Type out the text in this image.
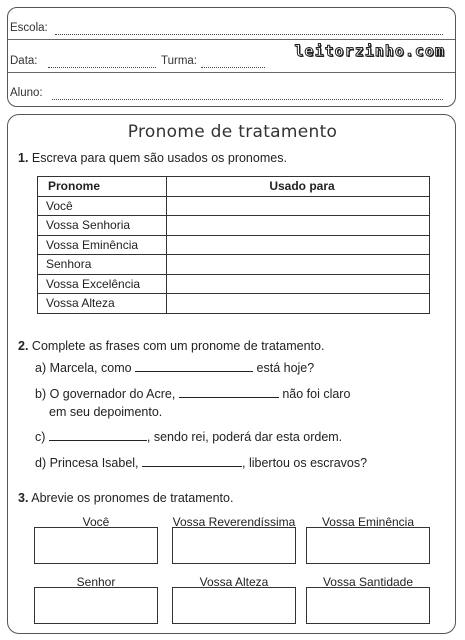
Escola:
Data:	Turma:
leitorzinho.com
Aluno:
Pronome de tratamento
1. Escreva para quem são usados os pronomes.
Pronome	Usado para
Você	
Vossa Senhoria	
Vossa Eminência	
Senhora	
Vossa Excelência	
Vossa Alteza	
2. Complete as frases com um pronome de tratamento.
a) Marcela, como	está hoje?
b) O governador do Acre,	não foi claro
em seu depoimento.
c)	, sendo rei, poderá dar esta ordem.
d) Princesa Isabel,	, libertou os escravos?
3. Abrevie os pronomes de tratamento.
Você	Vossa Reverendíssima	Vossa Eminência
Senhor	Vossa Alteza	Vossa Santidade
